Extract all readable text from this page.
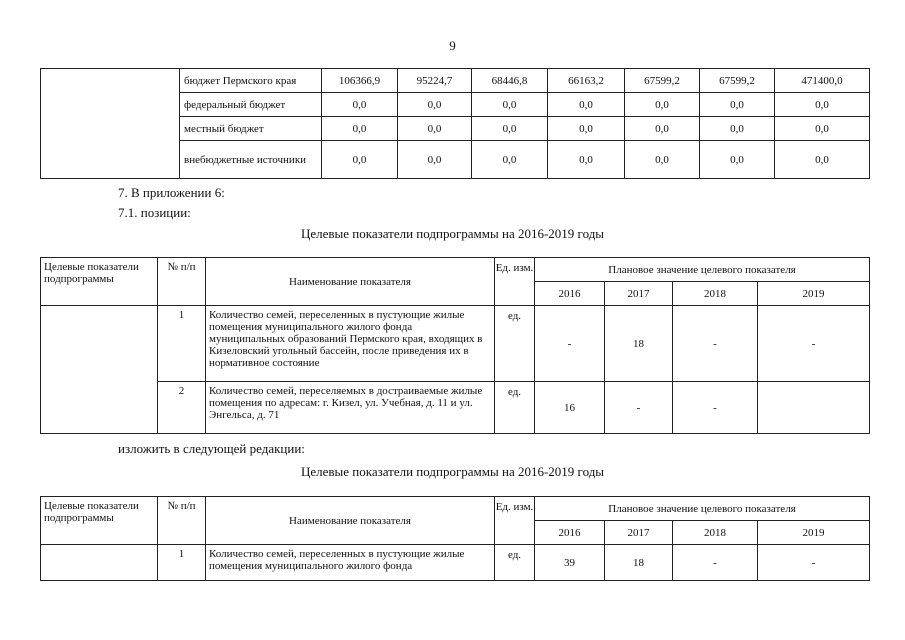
9
	бюджет Пермского края	106366,9	95224,7	68446,8	66163,2	67599,2	67599,2	471400,0
	федеральный бюджет	0,0	0,0	0,0	0,0	0,0	0,0	0,0
	местный бюджет	0,0	0,0	0,0	0,0	0,0	0,0	0,0
	внебюджетные источники	0,0	0,0	0,0	0,0	0,0	0,0	0,0
7. В приложении 6:
7.1. позиции:
Целевые показатели подпрограммы на 2016-2019 годы
Целевые показатели подпрограммы	№ п/п	Наименование показателя	Ед. изм.	Плановое значение целевого показателя			
				2016	2017	2018	2019
	1	Количество семей, переселенных в пустующие жилые помещения муниципального жилого фонда муниципальных образований Пермского края, входящих в Кизеловский угольный бассейн, после приведения их в нормативное состояние	ед.	-	18	-	-
	2	Количество семей, переселяемых в достраиваемые жилые помещения по адресам: г. Кизел, ул. Учебная, д. 11 и ул. Энгельса, д. 71	ед.	16	-	-	
изложить в следующей редакции:
Целевые показатели подпрограммы на 2016-2019 годы
Целевые показатели подпрограммы	№ п/п	Наименование показателя	Ед. изм.	Плановое значение целевого показателя			
				2016	2017	2018	2019
	1	Количество семей, переселенных в пустующие жилые помещения муниципального жилого фонда	ед.	39	18	-	-
